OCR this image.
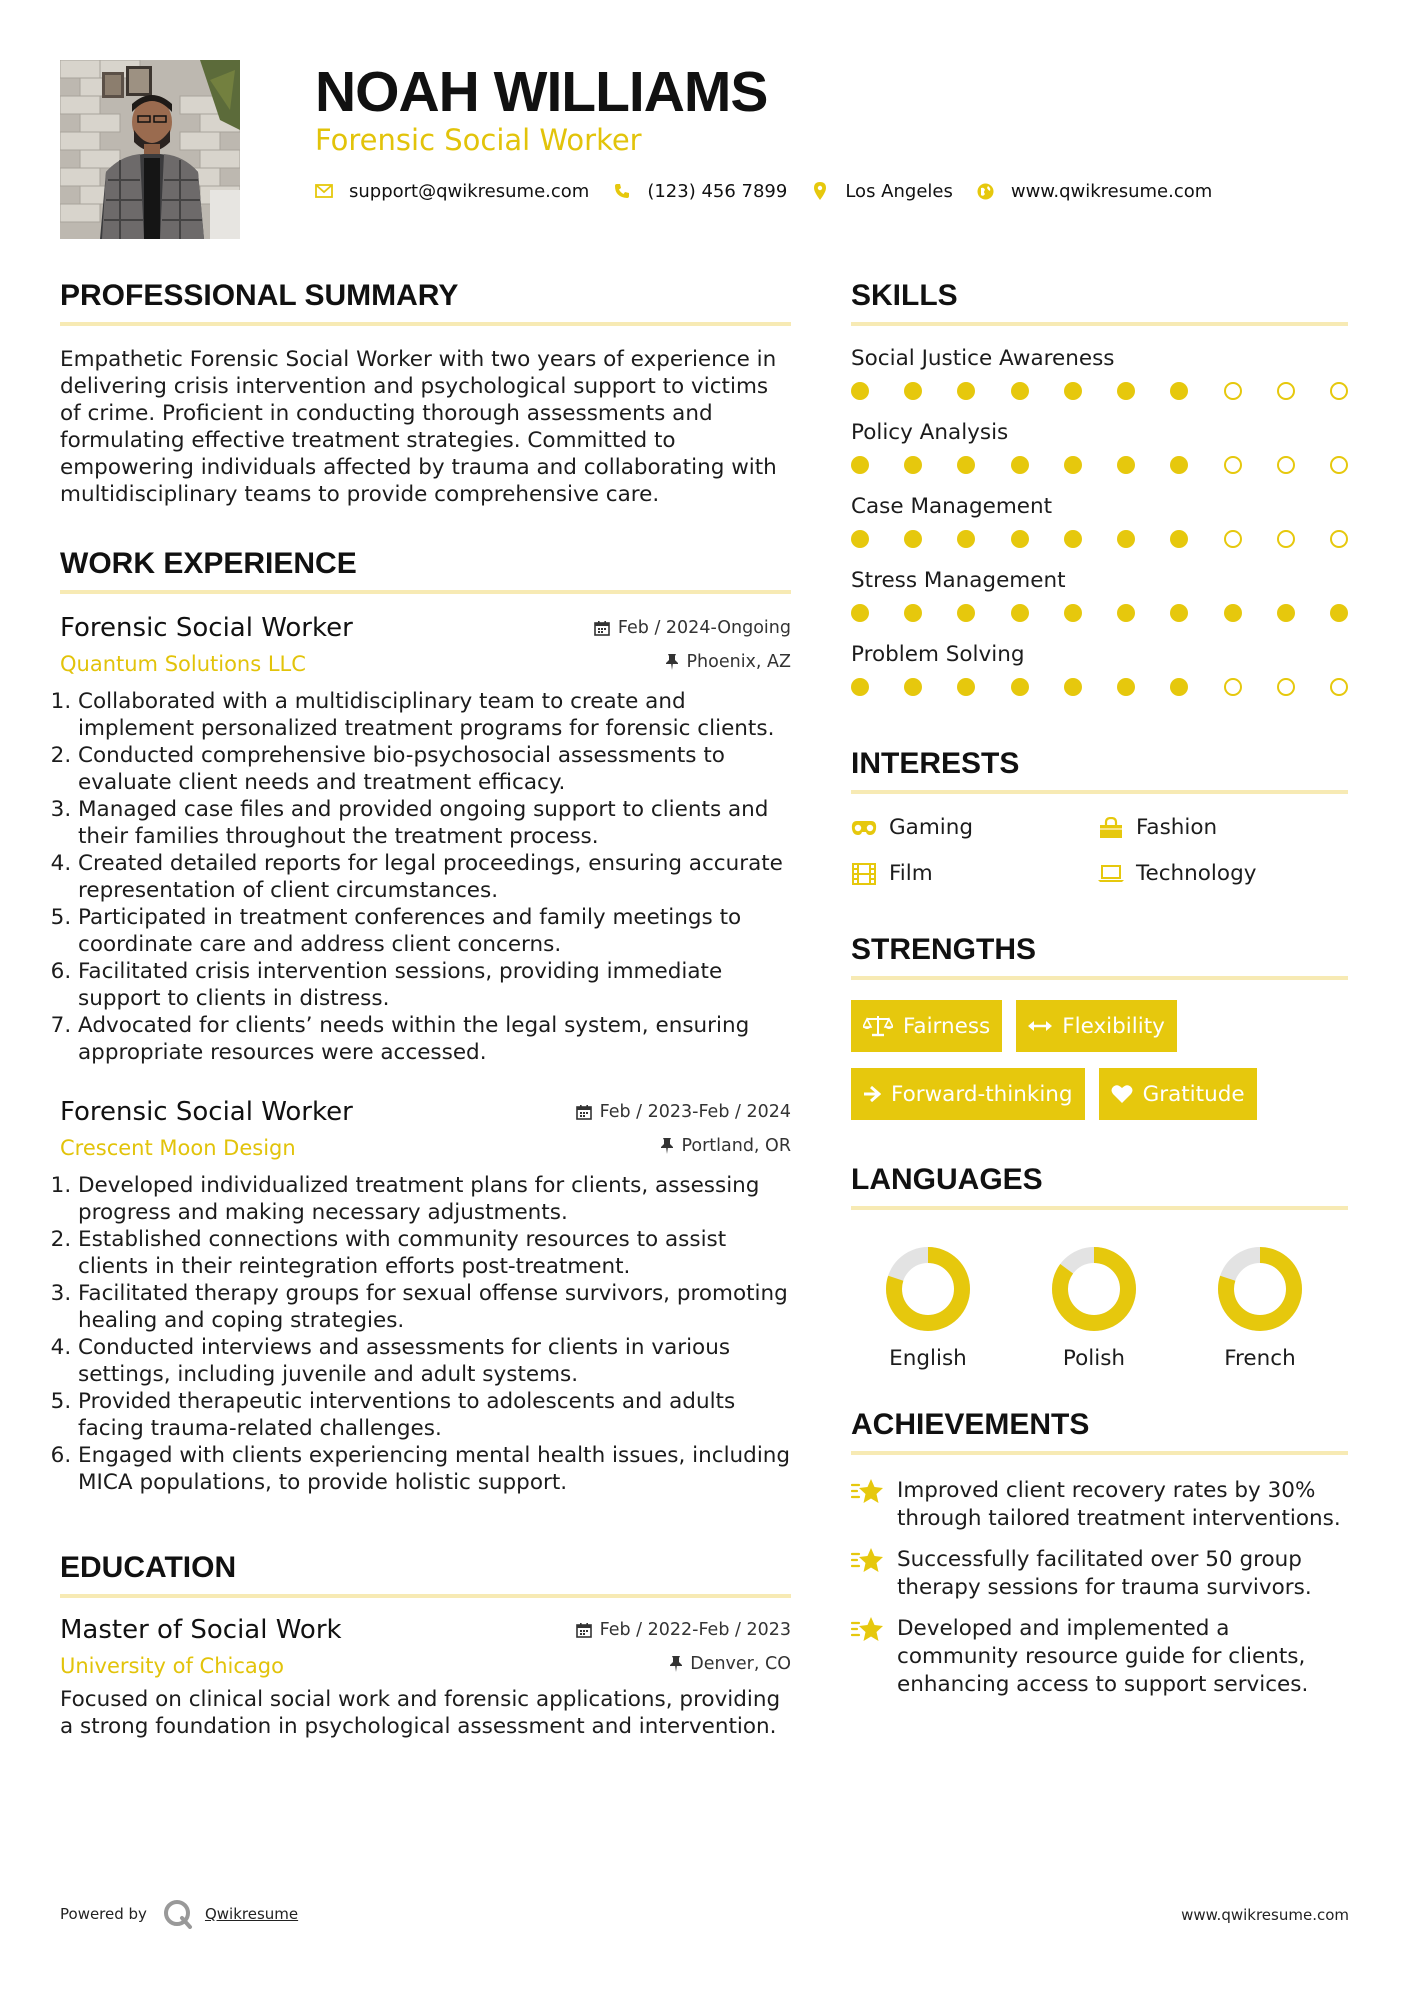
NOAH WILLIAMS
Forensic Social Worker
support@qwikresume.com	(123) 456 7899	Los Angeles	www.qwikresume.com
PROFESSIONAL SUMMARY
Empathetic Forensic Social Worker with two years of experience in delivering crisis intervention and psychological support to victims of crime. Proficient in conducting thorough assessments and formulating effective treatment strategies. Committed to empowering individuals affected by trauma and collaborating with multidisciplinary teams to provide comprehensive care.
WORK EXPERIENCE
Forensic Social Worker
Quantum Solutions LLC
Feb / 2024-Ongoing
Phoenix, AZ
1. Collaborated with a multidisciplinary team to create and implement personalized treatment programs for forensic clients.
2. Conducted comprehensive bio-psychosocial assessments to evaluate client needs and treatment efficacy.
3. Managed case files and provided ongoing support to clients and their families throughout the treatment process.
4. Created detailed reports for legal proceedings, ensuring accurate representation of client circumstances.
5. Participated in treatment conferences and family meetings to coordinate care and address client concerns.
6. Facilitated crisis intervention sessions, providing immediate support to clients in distress.
7. Advocated for clients’ needs within the legal system, ensuring appropriate resources were accessed.
Forensic Social Worker
Crescent Moon Design
Feb / 2023-Feb / 2024
Portland, OR
1. Developed individualized treatment plans for clients, assessing progress and making necessary adjustments.
2. Established connections with community resources to assist clients in their reintegration efforts post-treatment.
3. Facilitated therapy groups for sexual offense survivors, promoting healing and coping strategies.
4. Conducted interviews and assessments for clients in various settings, including juvenile and adult systems.
5. Provided therapeutic interventions to adolescents and adults facing trauma-related challenges.
6. Engaged with clients experiencing mental health issues, including MICA populations, to provide holistic support.
EDUCATION
Master of Social Work
University of Chicago
Feb / 2022-Feb / 2023
Denver, CO
Focused on clinical social work and forensic applications, providing a strong foundation in psychological assessment and intervention.
SKILLS
Social Justice Awareness
Policy Analysis
Case Management
Stress Management
Problem Solving
INTERESTS
Gaming	Fashion
Film	Technology
STRENGTHS
Fairness	Flexibility
Forward-thinking	Gratitude
LANGUAGES
English	Polish	French
ACHIEVEMENTS
Improved client recovery rates by 30% through tailored treatment interventions.
Successfully facilitated over 50 group therapy sessions for trauma survivors.
Developed and implemented a community resource guide for clients, enhancing access to support services.
Powered by	Qwikresume	www.qwikresume.com
